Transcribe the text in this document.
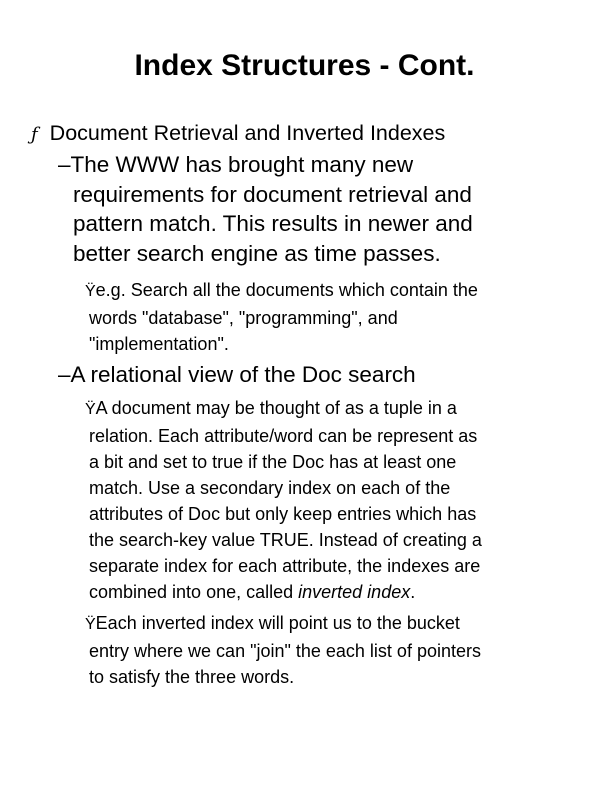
Index Structures - Cont.
ƒ Document Retrieval and Inverted Indexes
–The WWW has brought many new
requirements for document retrieval and
pattern match. This results in newer and
better search engine as time passes.
Ÿe.g. Search all the documents which contain the
words "database", "programming", and
"implementation".
–A relational view of the Doc search
ŸA document may be thought of as a tuple in a
relation. Each attribute/word can be represent as
a bit and set to true if the Doc has at least one
match. Use a secondary index on each of the
attributes of Doc but only keep entries which has
the search-key value TRUE. Instead of creating a
separate index for each attribute, the indexes are
combined into one, called inverted index.
ŸEach inverted index will point us to the bucket
entry where we can "join" the each list of pointers
to satisfy the three words.
